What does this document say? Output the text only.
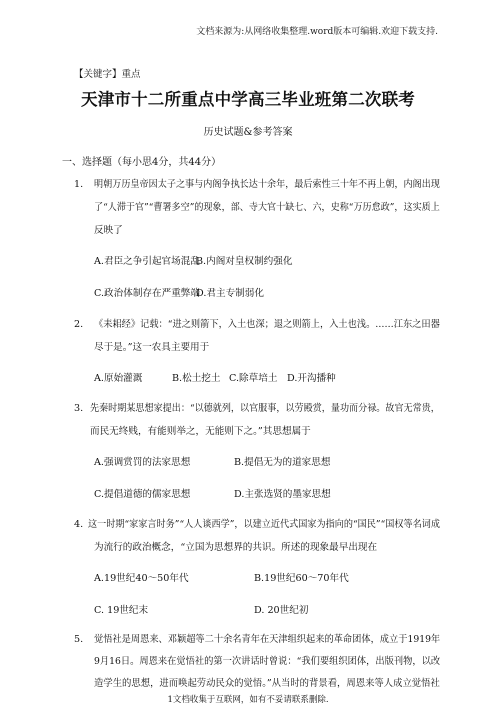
文档来源为:从网络收集整理.word版本可编辑.欢迎下载支持.
【关键字】重点
天津市十二所重点中学高三毕业班第二次联考
历史试题&参考答案
一、选择题（每小思4分，共44分）
1. 明朝万历皇帝因太子之事与内阁争执长达十余年，最后索性三十年不再上朝，内阁出现
了“人滞于官”“曹署多空”的现象，部、寺大官十缺七、六，史称“万历怠政”，这实质上
反映了
A.君臣之争引起官场混乱
B.内阁对皇权制约强化
C.政治体制存在严重弊端
D.君主专制弱化
2. 《耒耜经》记载：“进之则箭下，入土也深；退之则箭上，入土也浅。……江东之田器
尽于是。”这一农具主要用于
A.原始灌溉	B.松土挖土 C.除草培土 D.开沟播种
3. 先秦时期某思想家提出：“以德就列，以官服事，以劳殿赏，量功而分禄。故官无常贵，
而民无终贱，有能则举之，无能则下之。”其思想属于
A.强调赏罚的法家思想	B.提倡无为的道家思想
C.提倡道德的儒家思想	D.主张选贤的墨家思想
4. 这一时期“家家言时务”“人人谈西学”，以建立近代式国家为指向的“国民”“国权等名词成
为流行的政治概念，“立国为思想界的共识。所述的现象最早出现在
A.19世纪40～50年代	B.19世纪60～70年代
C. 19世纪末	D. 20世纪初
5. 觉悟社是周恩来、邓颖超等二十余名青年在天津组织起来的革命团体，成立于1919年
9月16日。周恩来在觉悟社的第一次讲话时曾说：“我们要组织团体，出版刊物，以改
造学生的思想，进而唤起劳动民众的觉悟。”从当时的背景看，周恩来等人成立觉悟社
1文档收集于互联网，如有不妥请联系删除.
